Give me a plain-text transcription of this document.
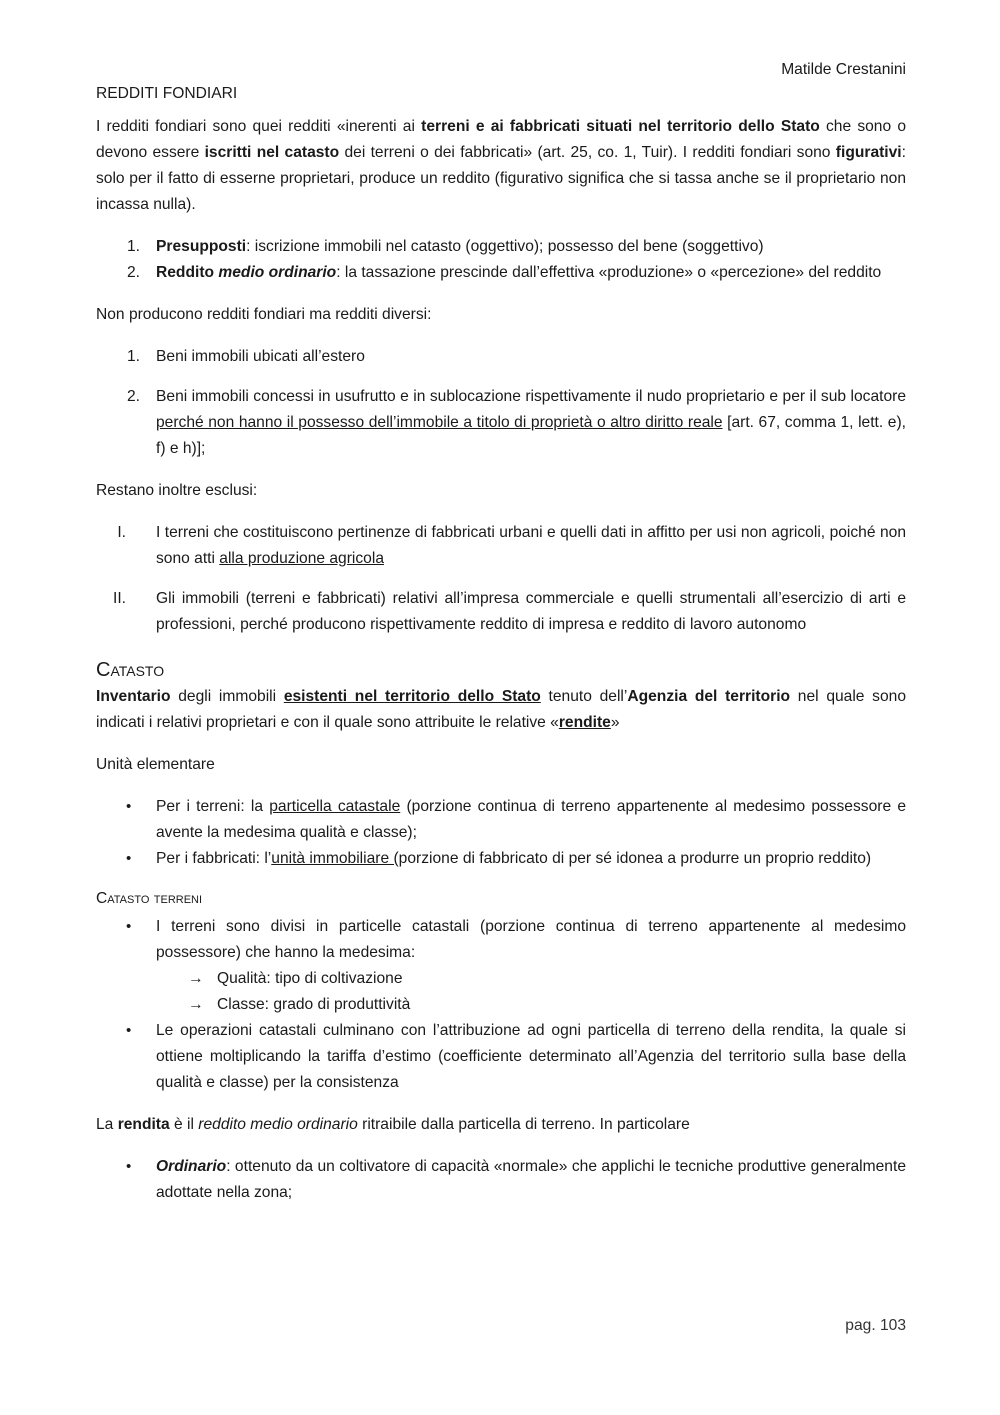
Matilde Crestanini

REDDITI FONDIARI

I redditi fondiari sono quei redditi «inerenti ai terreni e ai fabbricati situati nel territorio dello Stato che sono o devono essere iscritti nel catasto dei terreni o dei fabbricati» (art. 25, co. 1, Tuir). I redditi fondiari sono figurativi: solo per il fatto di esserne proprietari, produce un reddito (figurativo significa che si tassa anche se il proprietario non incassa nulla).

1. Presupposti: iscrizione immobili nel catasto (oggettivo); possesso del bene (soggettivo)
2. Reddito medio ordinario: la tassazione prescinde dall’effettiva «produzione» o «percezione» del reddito

Non producono redditi fondiari ma redditi diversi:

1. Beni immobili ubicati all’estero
2. Beni immobili concessi in usufrutto e in sublocazione rispettivamente il nudo proprietario e per il sub locatore perché non hanno il possesso dell’immobile a titolo di proprietà o altro diritto reale [art. 67, comma 1, lett. e), f) e h)];

Restano inoltre esclusi:

I. I terreni che costituiscono pertinenze di fabbricati urbani e quelli dati in affitto per usi non agricoli, poiché non sono atti alla produzione agricola
II. Gli immobili (terreni e fabbricati) relativi all’impresa commerciale e quelli strumentali all’esercizio di arti e professioni, perché producono rispettivamente reddito di impresa e reddito di lavoro autonomo
Catasto

Inventario degli immobili esistenti nel territorio dello Stato tenuto dell’Agenzia del territorio nel quale sono indicati i relativi proprietari e con il quale sono attribuite le relative «rendite»

Unità elementare

• Per i terreni: la particella catastale (porzione continua di terreno appartenente al medesimo possessore e avente la medesima qualità e classe);
• Per i fabbricati: l’unità immobiliare (porzione di fabbricato di per sé idonea a produrre un proprio reddito)
Catasto terreni
• I terreni sono divisi in particelle catastali (porzione continua di terreno appartenente al medesimo possessore) che hanno la medesima:
→ Qualità: tipo di coltivazione
→ Classe: grado di produttività
• Le operazioni catastali culminano con l’attribuzione ad ogni particella di terreno della rendita, la quale si ottiene moltiplicando la tariffa d’estimo (coefficiente determinato all’Agenzia del territorio sulla base della qualità e classe) per la consistenza

La rendita è il reddito medio ordinario ritraibile dalla particella di terreno. In particolare

• Ordinario: ottenuto da un coltivatore di capacità «normale» che applichi le tecniche produttive generalmente adottate nella zona;
pag. 103
